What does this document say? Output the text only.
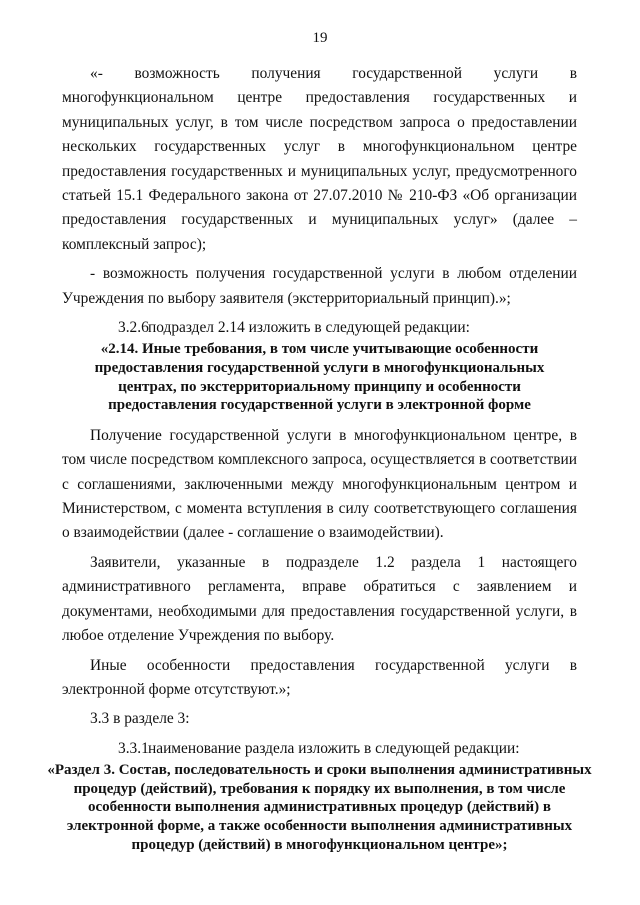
19
«-	возможность	получения	государственной	услуги	в

многофункциональном центре предоставления государственных и муниципальных услуг, в том числе посредством запроса о предоставлении нескольких государственных услуг в многофункциональном центре предоставления государственных и муниципальных услуг, предусмотренного статьей 15.1 Федерального закона от 27.07.2010 № 210-ФЗ «Об организации предоставления государственных и муниципальных услуг» (далее – комплексный запрос);

- возможность получения государственной услуги в любом отделении Учреждения по выбору заявителя (экстерриториальный принцип).»;

3.2.6подраздел 2.14 изложить в следующей редакции:

«2.14. Иные требования, в том числе учитывающие особенности предоставления государственной услуги в многофункциональных центрах, по экстерриториальному принципу и особенности предоставления государственной услуги в электронной форме

Получение государственной услуги в многофункциональном центре, в том числе посредством комплексного запроса, осуществляется в соответствии с соглашениями, заключенными между многофункциональным центром и Министерством, с момента вступления в силу соответствующего соглашения о взаимодействии (далее - соглашение о взаимодействии).

Заявители, указанные в подразделе 1.2 раздела 1 настоящего административного регламента, вправе обратиться с заявлением и документами, необходимыми для предоставления государственной услуги, в любое отделение Учреждения по выбору.

Иные особенности предоставления государственной услуги в электронной форме отсутствуют.»;

3.3 в разделе 3:

3.3.1наименование раздела изложить в следующей редакции:

«Раздел 3. Состав, последовательность и сроки выполнения административных процедур (действий), требования к порядку их выполнения, в том числе особенности выполнения административных процедур (действий) в электронной форме, а также особенности выполнения административных процедур (действий) в многофункциональном центре»;
